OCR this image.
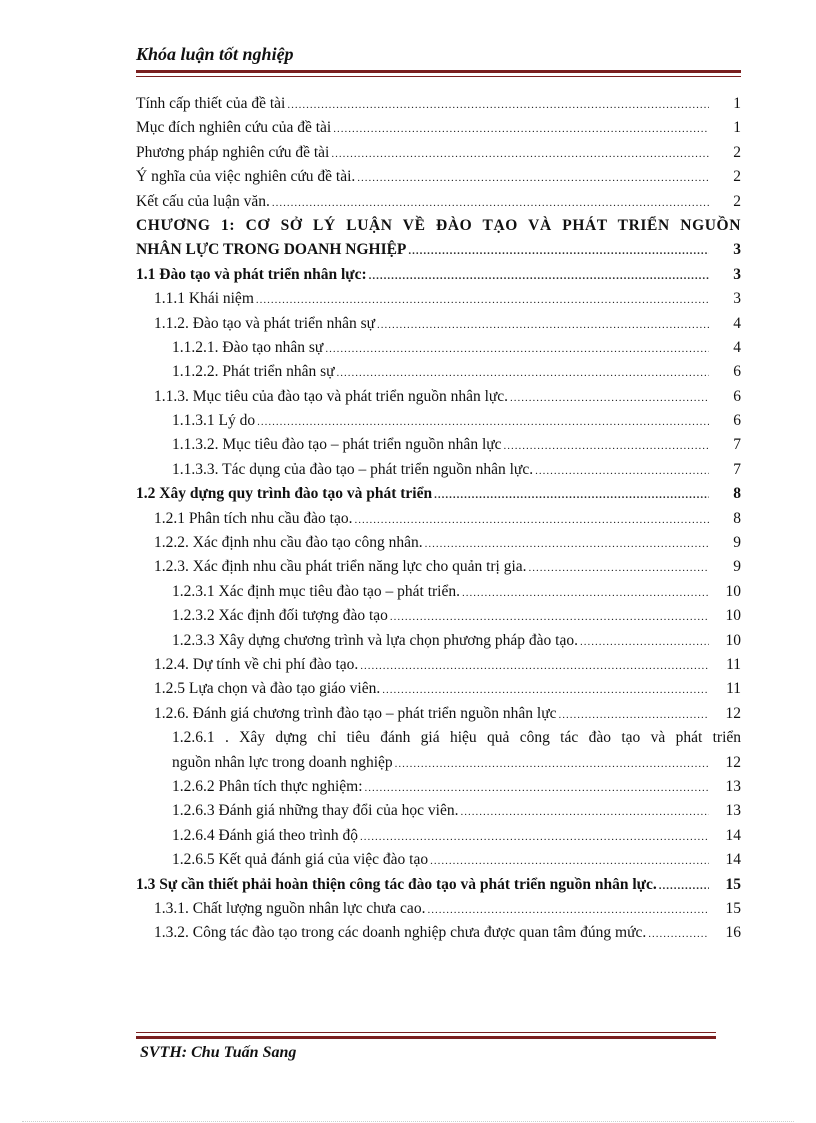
Khóa luận tốt nghiệp
Tính cấp thiết của đề tài .....	1
Mục đích nghiên cứu của đề tài .....	1
Phương pháp nghiên cứu đề tài .....	2
Ý nghĩa của việc nghiên cứu đề tài. .....	2
Kết cấu của luận văn. .....	2
CHƯƠNG 1: CƠ SỞ LÝ LUẬN VỀ ĐÀO TẠO VÀ PHÁT TRIỂN NGUỒN
NHÂN LỰC TRONG DOANH NGHIỆP .....	3
1.1 Đào tạo và phát triển nhân lực: .....	3
1.1.1 Khái niệm .....	3
1.1.2. Đào tạo và phát triển nhân sự .....	4
1.1.2.1. Đào tạo nhân sự .....	4
1.1.2.2. Phát triển nhân sự .....	6
1.1.3. Mục tiêu của đào tạo và phát triển nguồn nhân lực. .....	6
1.1.3.1 Lý do .....	6
1.1.3.2. Mục tiêu đào tạo – phát triển nguồn nhân lực .....	7
1.1.3.3. Tác dụng của đào tạo – phát triển nguồn nhân lực. .....	7
1.2 Xây dựng quy trình đào tạo và phát triển .....	8
1.2.1 Phân tích nhu cầu đào tạo. .....	8
1.2.2. Xác định nhu cầu đào tạo công nhân. .....	9
1.2.3. Xác định nhu cầu phát triển năng lực cho quản trị gia. .....	9
1.2.3.1 Xác định mục tiêu đào tạo – phát triển. .....	10
1.2.3.2 Xác định đối tượng đào tạo .....	10
1.2.3.3 Xây dựng chương trình và lựa chọn phương pháp đào tạo. .....	10
1.2.4. Dự tính về chi phí đào tạo. .....	11
1.2.5 Lựa chọn và đào tạo giáo viên. .....	11
1.2.6. Đánh giá chương trình đào tạo – phát triển nguồn nhân lực .....	12
1.2.6.1 . Xây dựng chỉ tiêu đánh giá hiệu quả công tác đào tạo và phát triển
nguồn nhân lực trong doanh nghiệp .....	12
1.2.6.2 Phân tích thực nghiệm: .....	13
1.2.6.3 Đánh giá những thay đổi của học viên. .....	13
1.2.6.4 Đánh giá theo trình độ .....	14
1.2.6.5 Kết quả đánh giá của việc đào tạo .....	14
1.3 Sự cần thiết phải hoàn thiện công tác đào tạo và phát triển nguồn nhân lực. .....	15
1.3.1. Chất lượng nguồn nhân lực chưa cao. .....	15
1.3.2. Công tác đào tạo trong các doanh nghiệp chưa được quan tâm đúng mức. .....	16
SVTH: Chu Tuấn Sang
